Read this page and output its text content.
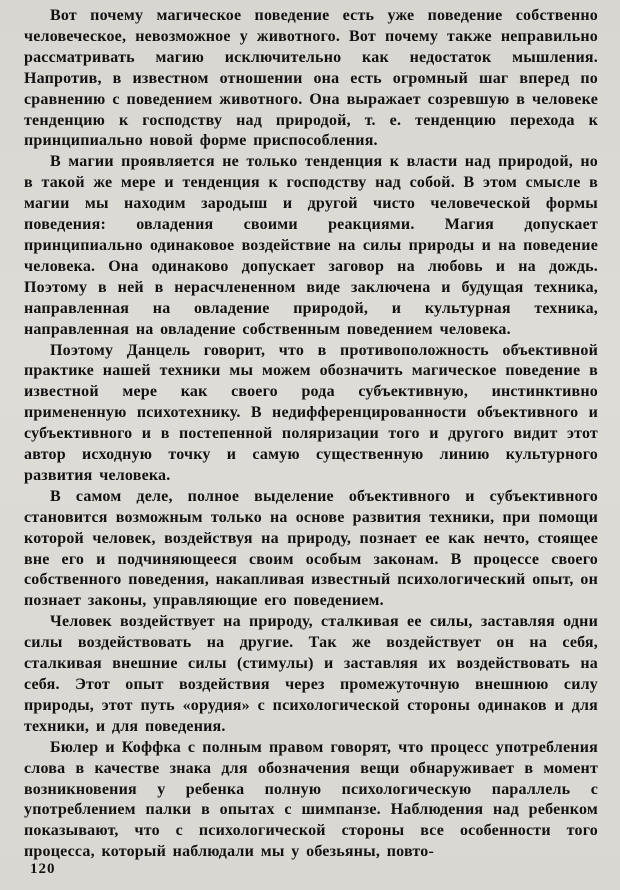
Вот почему магическое поведение есть уже поведение собственно человеческое, невозможное у животного. Вот почему также неправильно рассматривать магию исключительно как недостаток мышления. Напротив, в известном отношении она есть огромный шаг вперед по сравнению с поведением животного. Она выражает созревшую в человеке тенденцию к господству над природой, т. е. тенденцию перехода к принципиально новой форме приспособления.

В магии проявляется не только тенденция к власти над природой, но в такой же мере и тенденция к господству над собой. В этом смысле в магии мы находим зародыш и другой чисто человеческой формы поведения: овладения своими реакциями. Магия допускает принципиально одинаковое воздействие на силы природы и на поведение человека. Она одинаково допускает заговор на любовь и на дождь. Поэтому в ней в нерасчлененном виде заключена и будущая техника, направленная на овладение природой, и культурная техника, направленная на овладение собственным поведением человека.

Поэтому Данцель говорит, что в противоположность объективной практике нашей техники мы можем обозначить магическое поведение в известной мере как своего рода субъективную, инстинктивно примененную психотехнику. В недифференцированности объективного и субъективного и в постепенной поляризации того и другого видит этот автор исходную точку и самую существенную линию культурного развития человека.

В самом деле, полное выделение объективного и субъективного становится возможным только на основе развития техники, при помощи которой человек, воздействуя на природу, познает ее как нечто, стоящее вне его и подчиняющееся своим особым законам. В процессе своего собственного поведения, накапливая известный психологический опыт, он познает законы, управляющие его поведением.

Человек воздействует на природу, сталкивая ее силы, заставляя одни силы воздействовать на другие. Так же воздействует он на себя, сталкивая внешние силы (стимулы) и заставляя их воздействовать на себя. Этот опыт воздействия через промежуточную внешнюю силу природы, этот путь «орудия» с психологической стороны одинаков и для техники, и для поведения.

Бюлер и Коффка с полным правом говорят, что процесс употребления слова в качестве знака для обозначения вещи обнаруживает в момент возникновения у ребенка полную психологическую параллель с употреблением палки в опытах с шимпанзе. Наблюдения над ребенком показывают, что с психологической стороны все особенности того процесса, который наблюдали мы у обезьяны, повто-

120
